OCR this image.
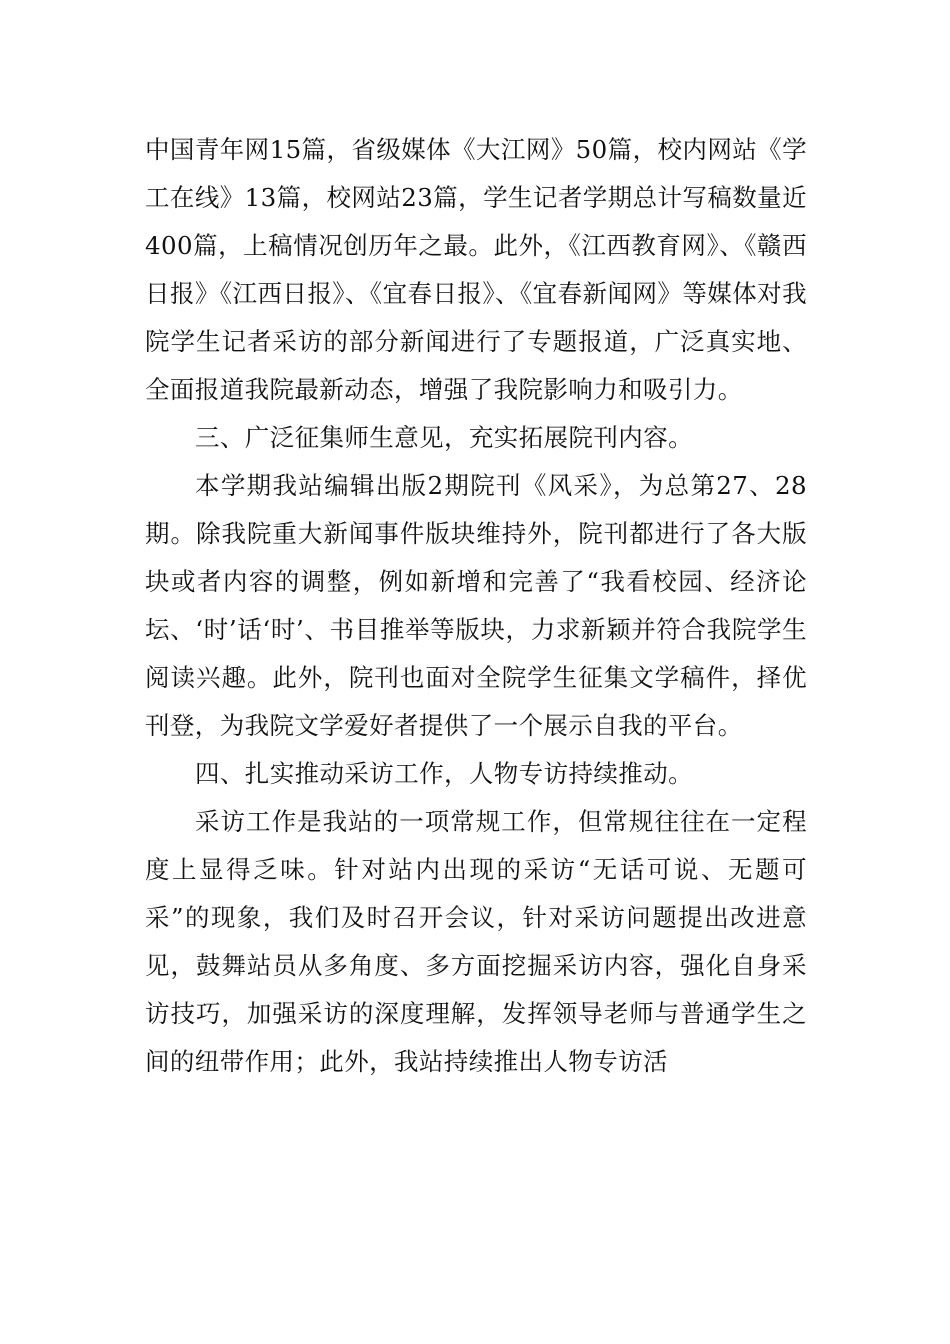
中国青年网15篇，省级媒体《大江网》50篇，校内网站《学工在线》13篇，校网站23篇，学生记者学期总计写稿数量近400篇，上稿情况创历年之最。此外，《江西教育网》、《赣西日报》《江西日报》、《宜春日报》、《宜春新闻网》等媒体对我院学生记者采访的部分新闻进行了专题报道，广泛真实地、全面报道我院最新动态，增强了我院影响力和吸引力。

三、广泛征集师生意见，充实拓展院刊内容。

本学期我站编辑出版2期院刊《风采》，为总第27、28期。除我院重大新闻事件版块维持外，院刊都进行了各大版块或者内容的调整，例如新增和完善了“我看校园、经济论坛、‘时’话‘时’、书目推举等版块，力求新颖并符合我院学生阅读兴趣。此外，院刊也面对全院学生征集文学稿件，择优刊登，为我院文学爱好者提供了一个展示自我的平台。

四、扎实推动采访工作，人物专访持续推动。

采访工作是我站的一项常规工作，但常规往往在一定程度上显得乏味。针对站内出现的采访“无话可说、无题可采”的现象，我们及时召开会议，针对采访问题提出改进意见，鼓舞站员从多角度、多方面挖掘采访内容，强化自身采访技巧，加强采访的深度理解，发挥领导老师与普通学生之间的纽带作用；此外，我站持续推出人物专访活
